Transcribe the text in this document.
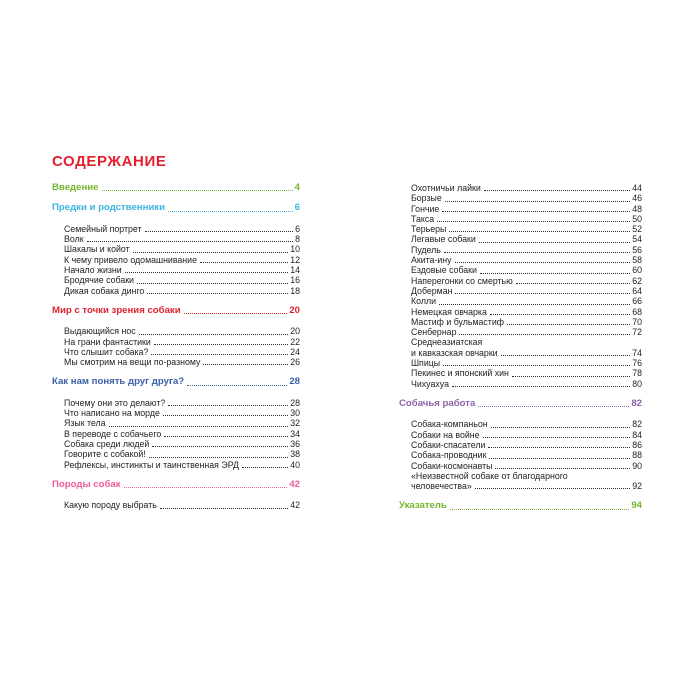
СОДЕРЖАНИЕ
Введение	4
Предки и родственники	6
Семейный портрет	6
Волк	8
Шакалы и койот	10
К чему привело одомашнивание	12
Начало жизни	14
Бродячие собаки	16
Дикая собака динго	18
Мир с точки зрения собаки	20
Выдающийся нос	20
На грани фантастики	22
Что слышит собака?	24
Мы смотрим на вещи по-разному	26
Как нам понять друг друга?	28
Почему они это делают?	28
Что написано на морде	30
Язык тела	32
В переводе с собачьего	34
Собака среди людей	36
Говорите с собакой!	38
Рефлексы, инстинкты и таинственная ЭРД	40
Породы собак	42
Какую породу выбрать	42
Охотничьи лайки	44
Борзые	46
Гончие	48
Такса	50
Терьеры	52
Легавые собаки	54
Пудель	56
Акита-ину	58
Ездовые собаки	60
Наперегонки со смертью	62
Доберман	64
Колли	66
Немецкая овчарка	68
Мастиф и бульмастиф	70
Сенбернар	72
Среднеазиатская
и кавказская овчарки	74
Шпицы	76
Пекинес и японский хин	78
Чихуахуа	80
Собачья работа	82
Собака-компаньон	82
Собаки на войне	84
Собаки-спасатели	86
Собака-проводник	88
Собаки-космонавты	90
«Неизвестной собаке от благодарного
человечества»	92
Указатель	94
